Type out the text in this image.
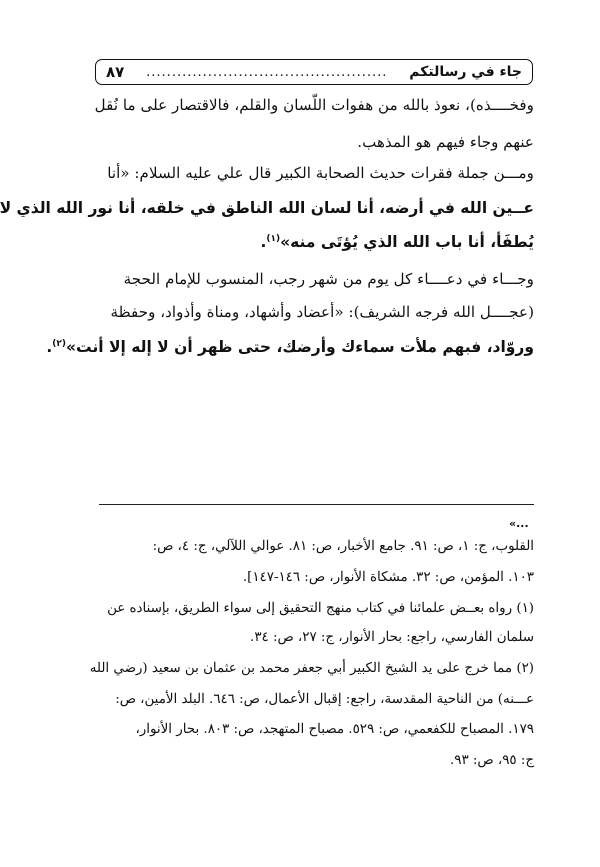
جاء في رسالتكم
...............................................
٨٧
وفخــــذه)، نعوذ بالله من هفوات اللّسان والقلم، فالاقتصار على ما نُقل
عنهم وجاء فيهم هو المذهب.
ومـــن جملة فقرات حديث الصحابة الكبير قال علي عليه السلام: «أنا
عــين الله في أرضه، أنا لسان الله الناطق في خلقه، أنا نور الله الذي لا
يُطفَأ، أنا باب الله الذي يُؤتَى منه»$^{(١)}$.
وجـــاء في دعــــاء كل يوم من شهر رجب، المنسوب للإمام الحجة
(عجــــل الله فرجه الشريف): «أعضاد وأشهاد، ومناة وأذواد، وحفظة
وروّاد، فبهم ملأت سماءك وأرضك، حتى ظهر أن لا إله إلا أنت»$^{(٢)}$.
«...
القلوب، ج: ١، ص: ٩١. جامع الأخبار، ص: ٨١. عوالي اللآلي، ج: ٤، ص:
١٠٣. المؤمن، ص: ٣٢. مشكاة الأنوار، ص: ١٤٦-١٤٧].
(١) رواه بعــض علمائنا في كتاب منهج التحقيق إلى سواء الطريق، بإسناده عن
سلمان الفارسي، راجع: بحار الأنوار، ج: ٢٧، ص: ٣٤.
(٢) مما خرج على يد الشيخ الكبير أبي جعفر محمد بن عثمان بن سعيد (رضي الله
عـــنه) من الناحية المقدسة، راجع: إقبال الأعمال، ص: ٦٤٦. البلد الأمين، ص:
١٧٩. المصباح للكفعمي، ص: ٥٢٩. مصباح المتهجد، ص: ٨٠٣. بحار الأنوار،
ج: ٩٥، ص: ٩٣.
